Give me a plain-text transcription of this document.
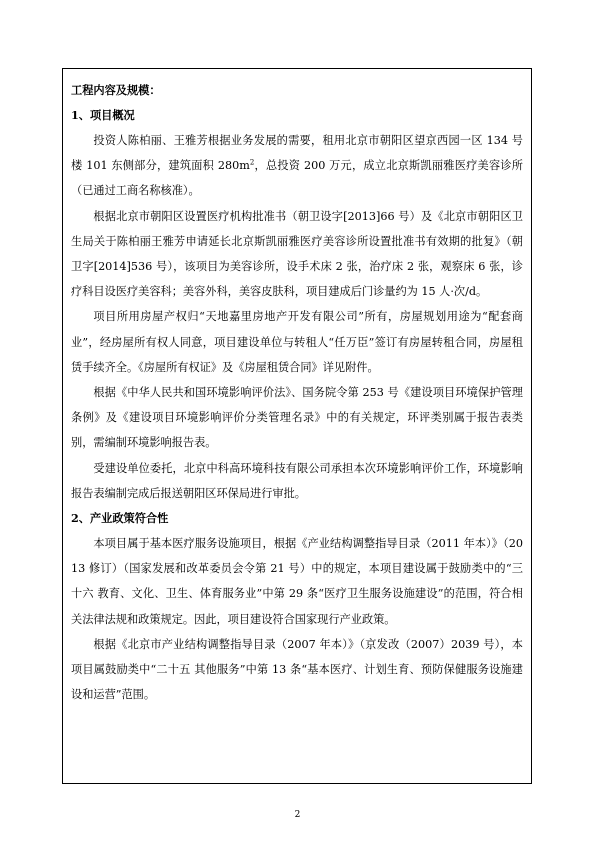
工程内容及规模：

1、项目概况

投资人陈柏丽、王雅芳根据业务发展的需要，租用北京市朝阳区望京西园一区 134 号楼 101 东侧部分，建筑面积 $280m^2$，总投资 200 万元，成立北京斯凯丽雅医疗美容诊所（已通过工商名称核准）。

根据北京市朝阳区设置医疗机构批准书（朝卫设字[2013]66 号）及《北京市朝阳区卫生局关于陈柏丽王雅芳申请延长北京斯凯丽雅医疗美容诊所设置批准书有效期的批复》（朝卫字[2014]536 号），该项目为美容诊所，设手术床 2 张，治疗床 2 张，观察床 6 张，诊疗科目设医疗美容科；美容外科，美容皮肤科，项目建成后门诊量约为 15 人·次/d。

项目所用房屋产权归“天地嘉里房地产开发有限公司”所有，房屋规划用途为“配套商业”，经房屋所有权人同意，项目建设单位与转租人“任万臣”签订有房屋转租合同，房屋租赁手续齐全。《房屋所有权证》及《房屋租赁合同》详见附件。

根据《中华人民共和国环境影响评价法》、国务院令第 253 号《建设项目环境保护管理条例》及《建设项目环境影响评价分类管理名录》中的有关规定，环评类别属于报告表类别，需编制环境影响报告表。

受建设单位委托，北京中科高环境科技有限公司承担本次环境影响评价工作，环境影响报告表编制完成后报送朝阳区环保局进行审批。

2、产业政策符合性

本项目属于基本医疗服务设施项目，根据《产业结构调整指导目录（2011 年本）》（2013 修订）（国家发展和改革委员会令第 21 号）中的规定，本项目建设属于鼓励类中的“三十六 教育、文化、卫生、体育服务业”中第 29 条“医疗卫生服务设施建设”的范围，符合相关法律法规和政策规定。因此，项目建设符合国家现行产业政策。

根据《北京市产业结构调整指导目录（2007 年本）》（京发改（2007）2039 号），本项目属鼓励类中“二十五 其他服务”中第 13 条“基本医疗、计划生育、预防保健服务设施建设和运营”范围。

2
